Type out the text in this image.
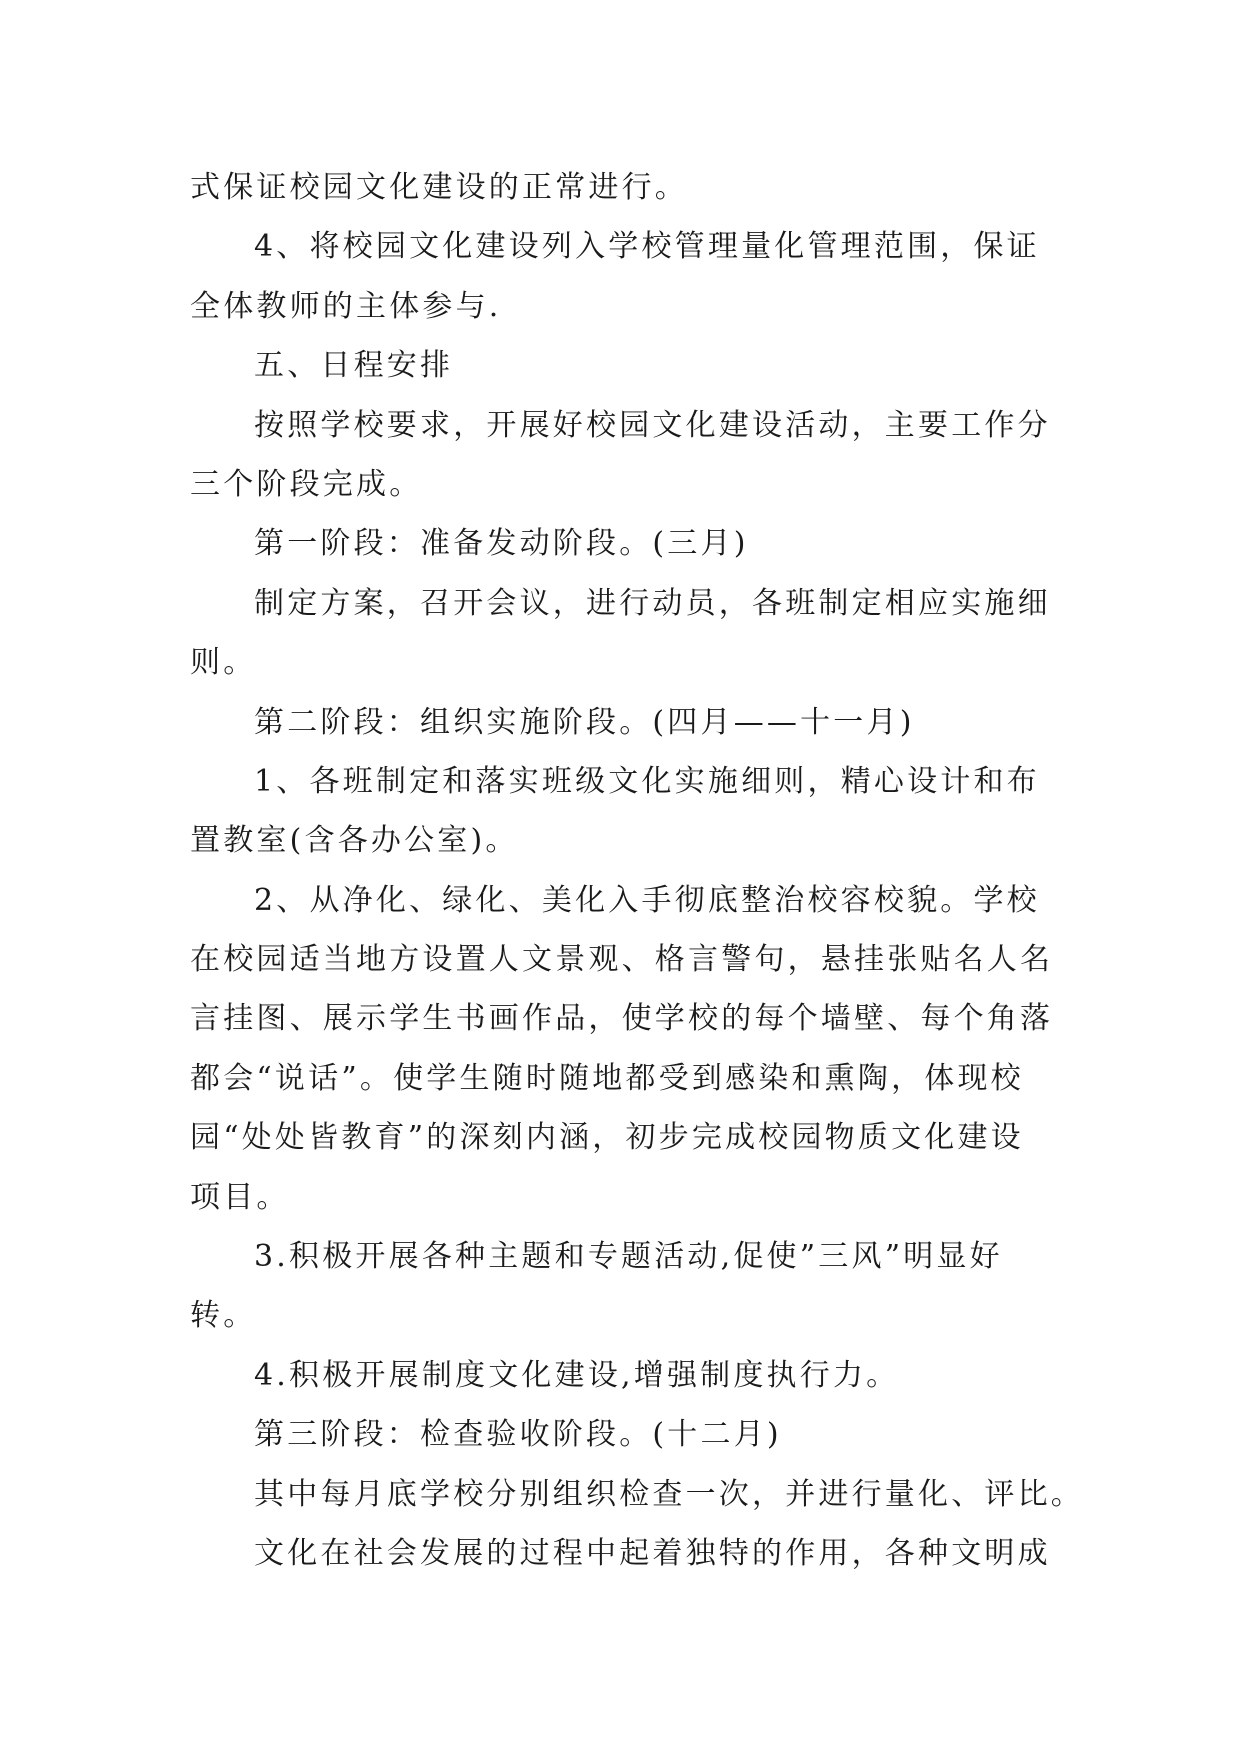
式保证校园文化建设的正常进行。
4、将校园文化建设列入学校管理量化管理范围，保证
全体教师的主体参与.
五、日程安排
按照学校要求，开展好校园文化建设活动，主要工作分
三个阶段完成。
第一阶段：准备发动阶段。(三月)
制定方案，召开会议，进行动员，各班制定相应实施细
则。
第二阶段：组织实施阶段。(四月——十一月)
1、各班制定和落实班级文化实施细则，精心设计和布
置教室(含各办公室)。
2、从净化、绿化、美化入手彻底整治校容校貌。学校
在校园适当地方设置人文景观、格言警句，悬挂张贴名人名
言挂图、展示学生书画作品，使学校的每个墙壁、每个角落
都会“说话”。使学生随时随地都受到感染和熏陶，体现校
园“处处皆教育”的深刻内涵，初步完成校园物质文化建设
项目。
3.积极开展各种主题和专题活动,促使”三风”明显好
转。
4.积极开展制度文化建设,增强制度执行力。
第三阶段：检查验收阶段。(十二月)
其中每月底学校分别组织检查一次，并进行量化、评比。
文化在社会发展的过程中起着独特的作用，各种文明成
